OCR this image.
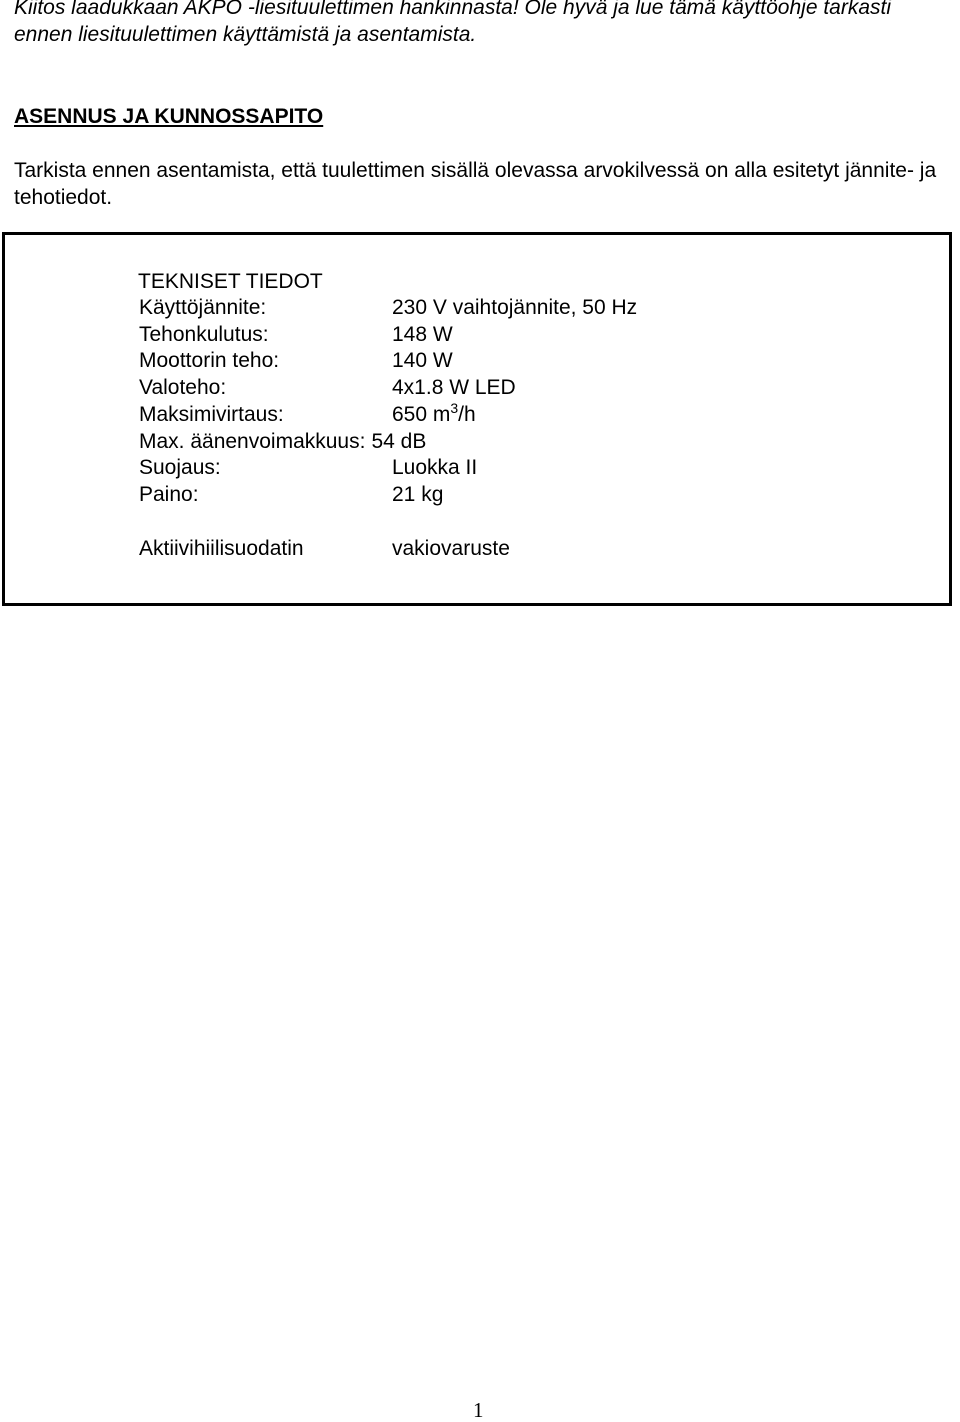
Kiitos laadukkaan AKPO -liesituulettimen hankinnasta! Ole hyvä ja lue tämä käyttöohje tarkasti ennen liesituulettimen käyttämistä ja asentamista.

ASENNUS JA KUNNOSSAPITO

Tarkista ennen asentamista, että tuulettimen sisällä olevassa arvokilvessä on alla esitetyt jännite- ja tehotiedot.

TEKNISET TIEDOT
Käyttöjännite:	230 V vaihtojännite, 50 Hz
Tehonkulutus:	148 W
Moottorin teho:	140 W
Valoteho:	4x1.8 W LED
Maksimivirtaus:	650 $m^3/h$
Max. äänenvoimakkuus: 54 dB
Suojaus:	Luokka II
Paino:	21 kg
Aktiivihiilisuodatin	vakiovaruste
1
